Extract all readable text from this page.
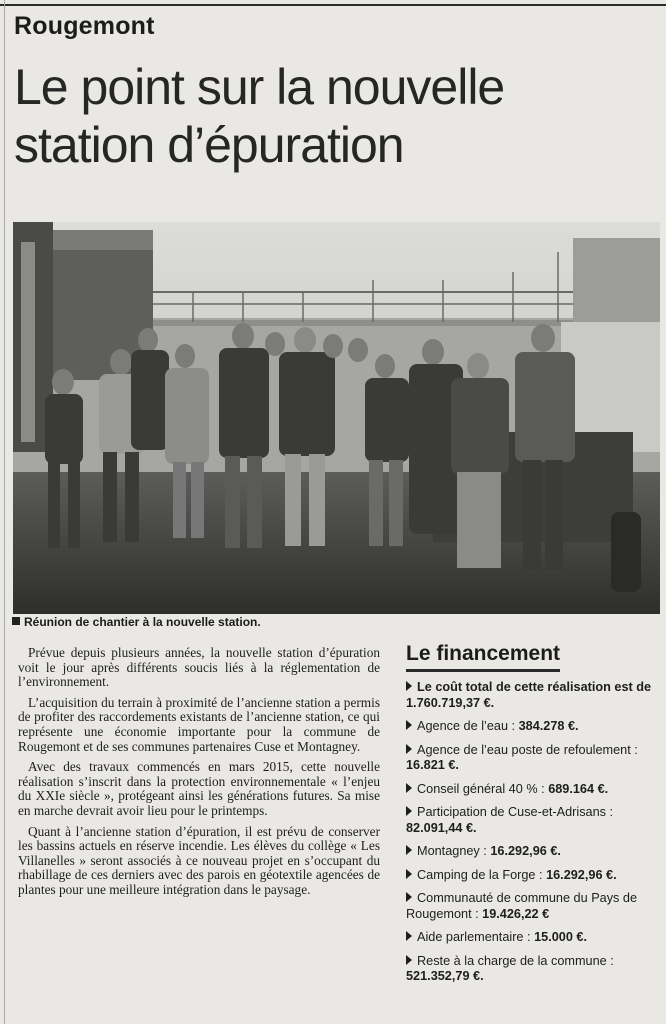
Rougemont
Le point sur la nouvelle
station d’épuration
Réunion de chantier à la nouvelle station.

Prévue depuis plusieurs années, la nouvelle station d’épuration voit le jour après différents soucis liés à la réglementation de l’environnement.

L’acquisition du terrain à proximité de l’ancienne station a permis de profiter des raccordements existants de l’ancienne station, ce qui représente une économie importante pour la commune de Rougemont et de ses communes partenaires Cuse et Montagney.

Avec des travaux commencés en mars 2015, cette nouvelle réalisation s’inscrit dans la protection environnementale « l’enjeu du XXIe siècle », protégeant ainsi les générations futures. Sa mise en marche devrait avoir lieu pour le printemps.

Quant à l’ancienne station d’épuration, il est prévu de conserver les bassins actuels en réserve incendie. Les élèves du collège « Les Villanelles » seront associés à ce nouveau projet en s’occupant du rhabillage de ces derniers avec des parois en géotextile agencées de plantes pour une meilleure intégration dans le paysage.

Le financement
Le coût total de cette réalisation est de 1.760.719,37 €.
Agence de l’eau : 384.278 €.
Agence de l’eau poste de refoulement : 16.821 €.
Conseil général 40 % : 689.164 €.
Participation de Cuse-et-Adrisans : 82.091,44 €.
Montagney : 16.292,96 €.
Camping de la Forge : 16.292,96 €.
Communauté de commune du Pays de Rougemont : 19.426,22 €
Aide parlementaire : 15.000 €.
Reste à la charge de la commune : 521.352,79 €.
